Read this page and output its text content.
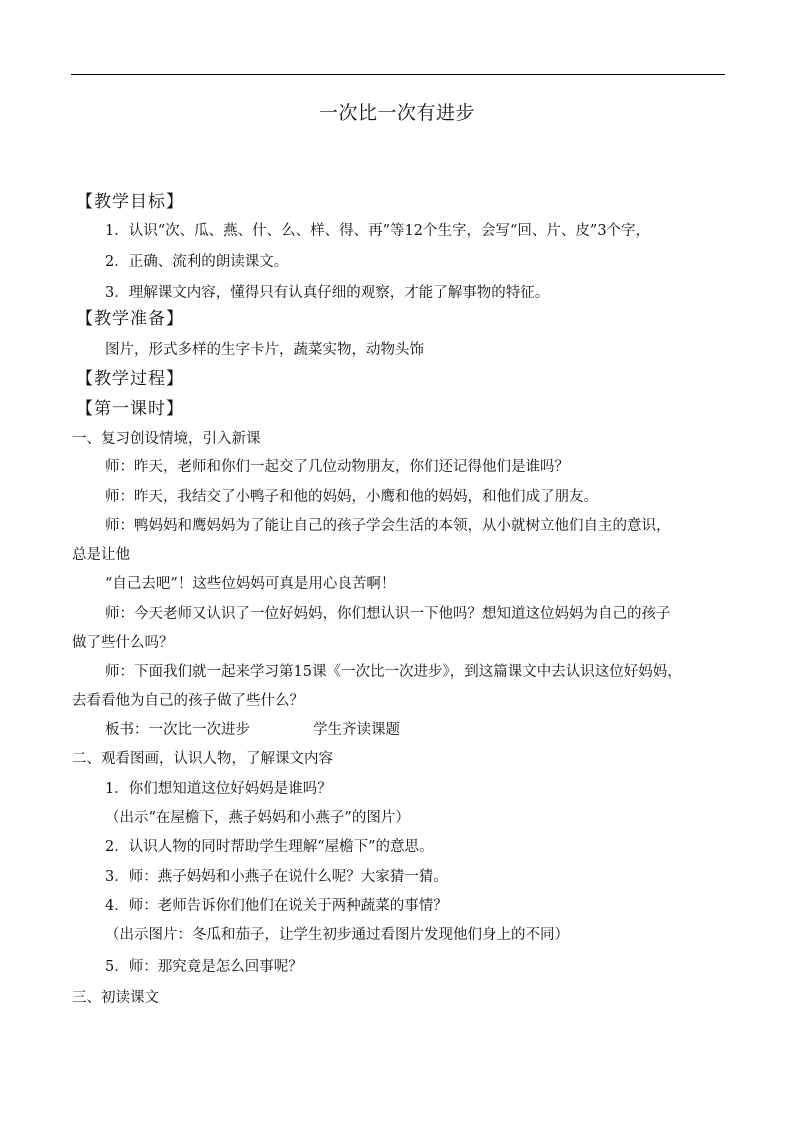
一次比一次有进步
【教学目标】
1．认识“次、瓜、燕、什、么、样、得、再”等12个生字，会写“回、片、皮”3个字，
2．正确、流利的朗读课文。
3．理解课文内容，懂得只有认真仔细的观察，才能了解事物的特征。
【教学准备】
图片，形式多样的生字卡片，蔬菜实物，动物头饰
【教学过程】
【第一课时】
一、复习创设情境，引入新课
师：昨天，老师和你们一起交了几位动物朋友，你们还记得他们是谁吗？
师：昨天，我结交了小鸭子和他的妈妈，小鹰和他的妈妈，和他们成了朋友。
师：鸭妈妈和鹰妈妈为了能让自己的孩子学会生活的本领，从小就树立他们自主的意识，
总是让他
“自己去吧”！这些位妈妈可真是用心良苦啊！
师：今天老师又认识了一位好妈妈，你们想认识一下他吗？想知道这位妈妈为自己的孩子
做了些什么吗？
师：下面我们就一起来学习第15课《一次比一次进步》，到这篇课文中去认识这位好妈妈，
去看看他为自己的孩子做了些什么？
板书：一次比一次进步	学生齐读课题
二、观看图画，认识人物，了解课文内容
1．你们想知道这位好妈妈是谁吗？
（出示“在屋檐下，燕子妈妈和小燕子”的图片）
2．认识人物的同时帮助学生理解“屋檐下”的意思。
3．师：燕子妈妈和小燕子在说什么呢？大家猜一猜。
4．师：老师告诉你们他们在说关于两种蔬菜的事情？
（出示图片：冬瓜和茄子，让学生初步通过看图片发现他们身上的不同）
5．师：那究竟是怎么回事呢？
三、初读课文
